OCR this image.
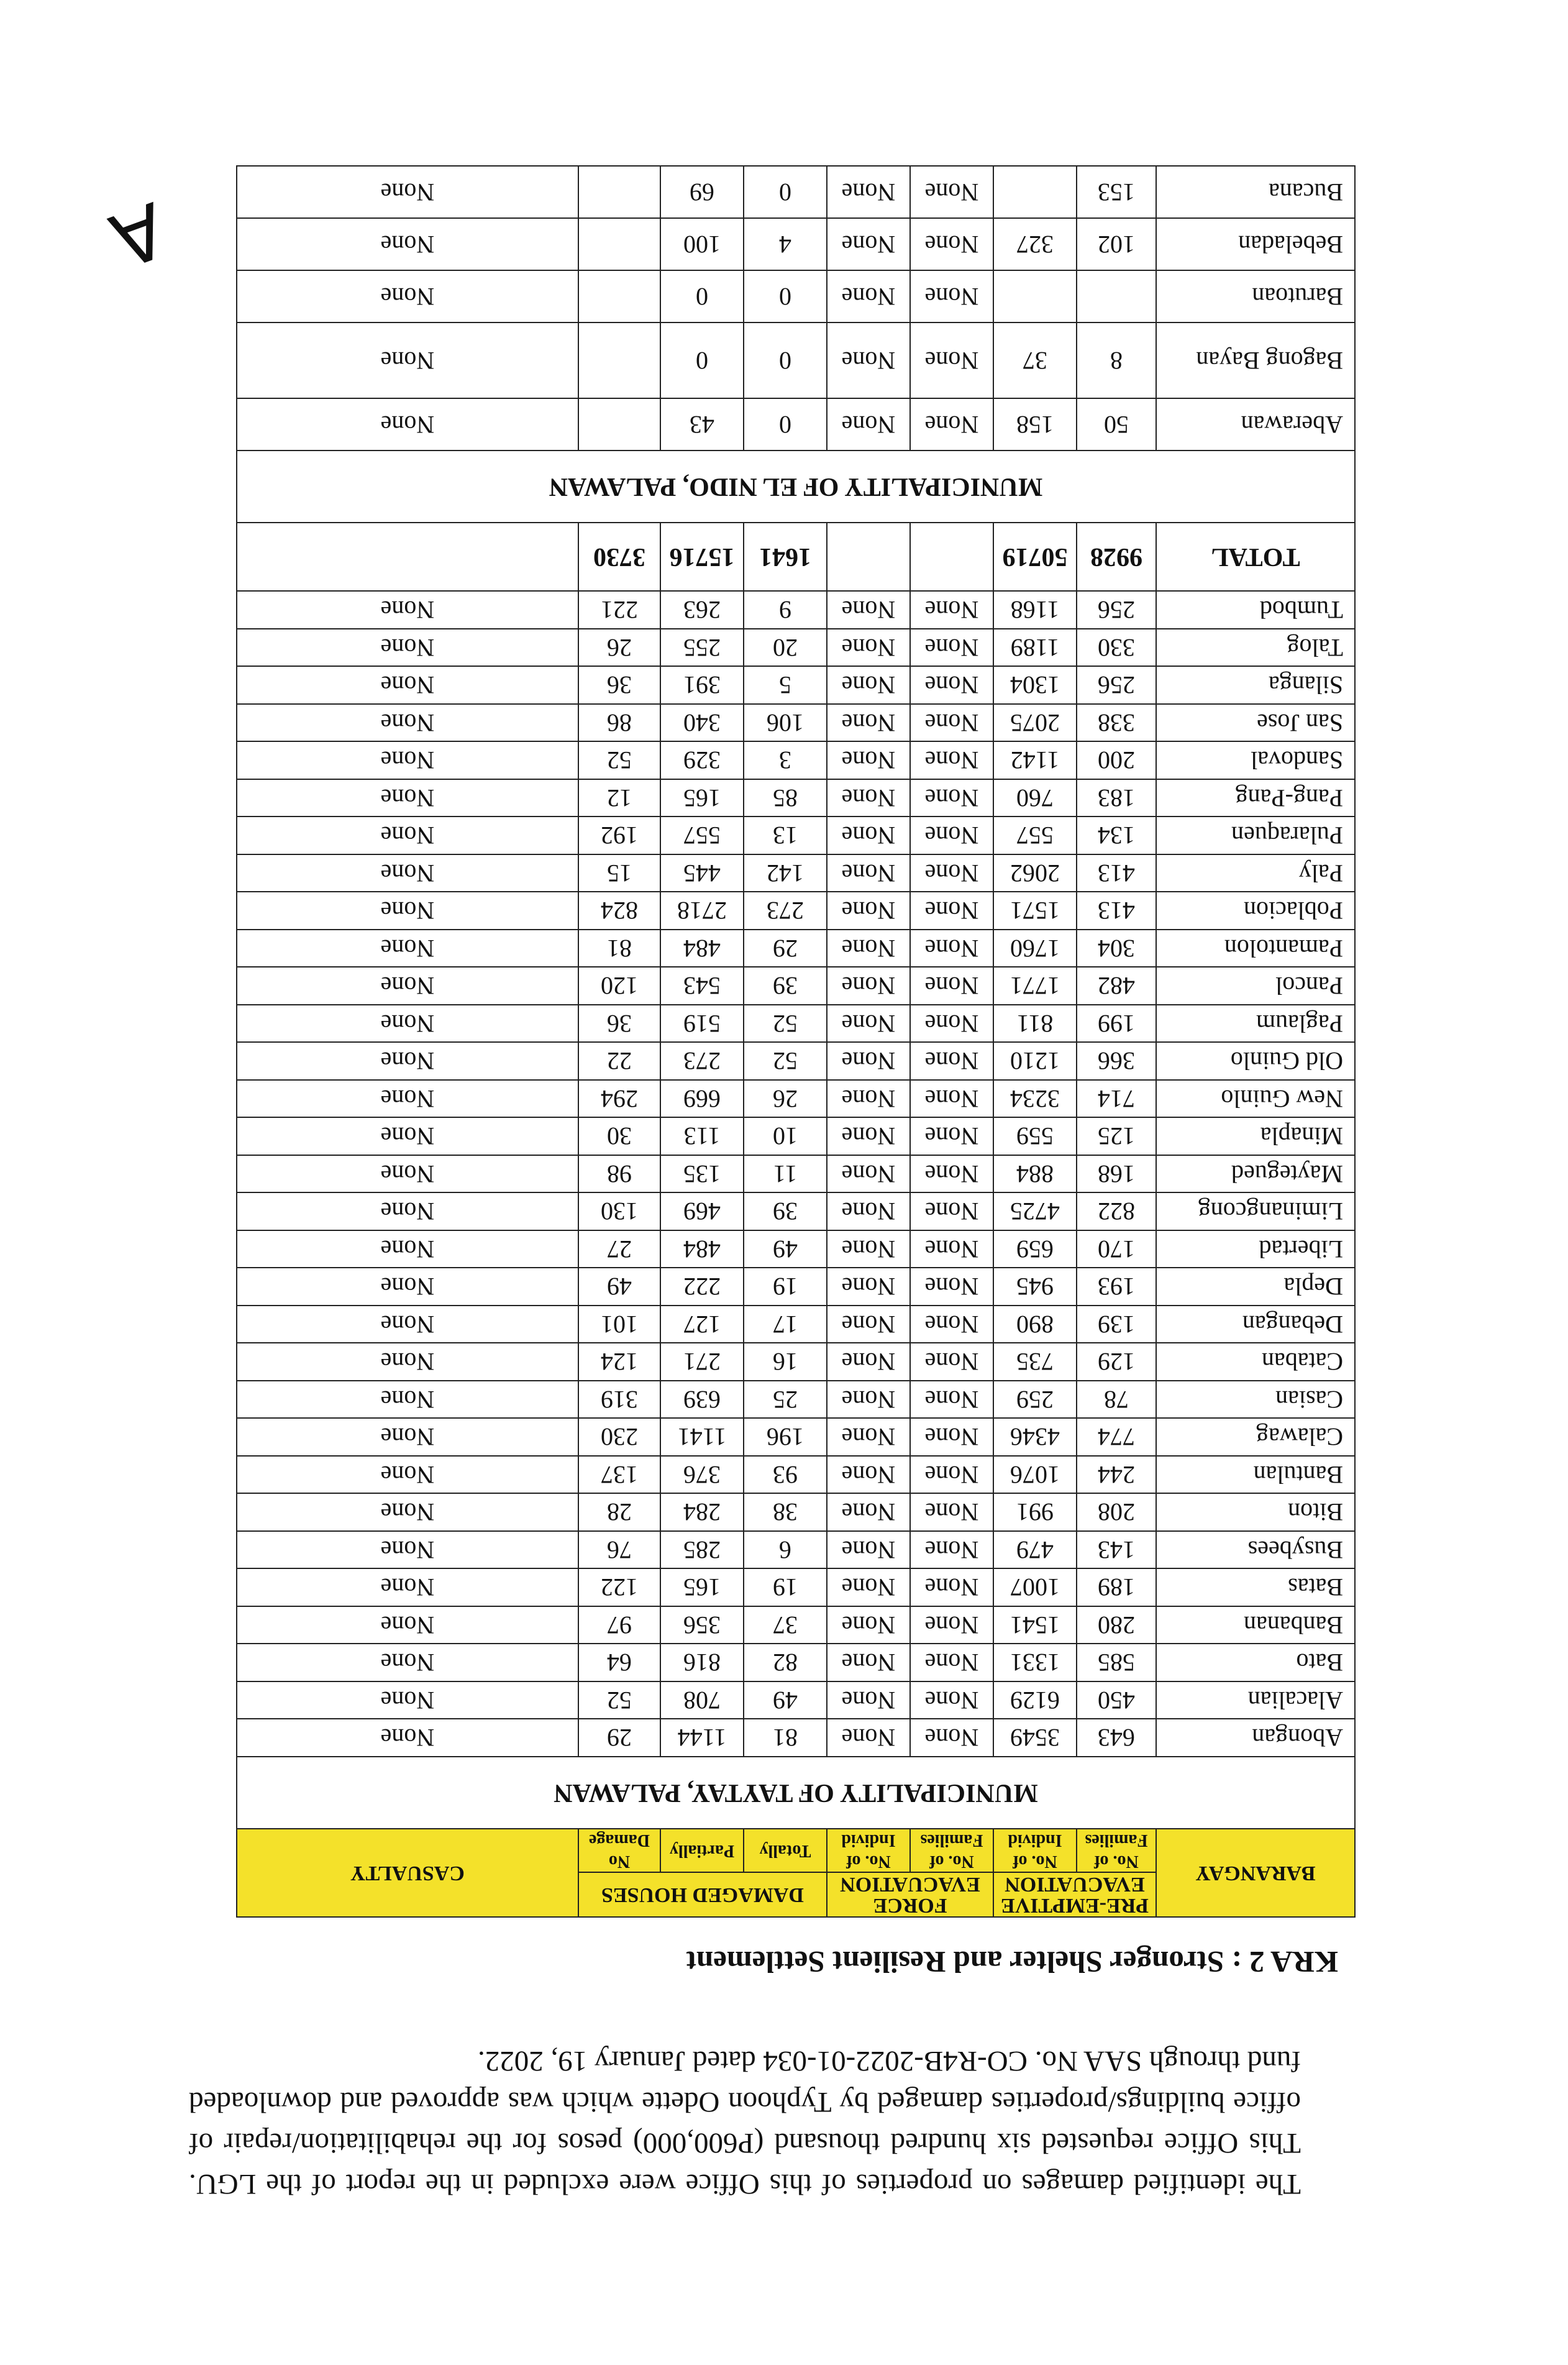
The identified damages on properties of this Office were excluded in the report of the LGU. This Office requested six hundred thousand (P600,000) pesos for the rehabilitation/repair of office buildings/properties damaged by Typhoon Odette which was approved and downloaded fund through SAA No. CO-R4B-2022-01-034 dated January 19, 2022.
KRA 2 : Stronger Shelter and Resilient Settlement
BARANGAY	PRE-EMPTIVE EVACUATION		FORCE EVACUATION		DAMAGED HOUSES			CASUALTY
	No. of Families	No. of Individ	No. of Families	No. of Individ	Totally	Partially	No Damage	
MUNICIPALITY OF TAYTAY, PALAWAN								
Abongan	643	3549	None	None	81	1144	29	None
Alacalian	450	6129	None	None	49	708	52	None
Bato	585	1331	None	None	82	816	64	None
Banbanan	280	1541	None	None	37	356	97	None
Batas	189	1007	None	None	19	165	122	None
Busybees	143	479	None	None	6	285	76	None
Biton	208	991	None	None	38	284	28	None
Bantulan	244	1076	None	None	93	376	137	None
Calawag	774	4346	None	None	196	1141	230	None
Casian	78	259	None	None	25	639	319	None
Cataban	129	735	None	None	16	271	124	None
Debangan	139	890	None	None	17	127	101	None
Depla	193	945	None	None	19	222	49	None
Libertad	170	659	None	None	49	484	27	None
Liminangcong	822	4725	None	None	39	469	130	None
Maytegued	168	884	None	None	11	135	98	None
Minapla	125	559	None	None	10	113	30	None
New Guinlo	714	3234	None	None	26	669	294	None
Old Guinlo	366	1210	None	None	52	273	22	None
Paglaum	199	811	None	None	52	519	36	None
Pancol	482	1771	None	None	39	543	120	None
Pamantolon	304	1760	None	None	29	484	81	None
Poblacion	413	1571	None	None	273	2718	824	None
Paly	413	2062	None	None	142	445	15	None
Pularaquen	134	557	None	None	13	557	192	None
Pang-Pang	183	760	None	None	85	165	12	None
Sandoval	200	1142	None	None	3	329	52	None
San Jose	338	2075	None	None	106	340	86	None
Silanga	256	1304	None	None	5	391	36	None
Talog	330	1189	None	None	20	255	26	None
Tumbod	256	1168	None	None	9	263	221	None
TOTAL	9928	50719			1641	15716	3730	
MUNICIPALITY OF EL NIDO, PALAWAN								
Aberawan	50	158	None	None	0	43		None
Bagong Bayan	8	37	None	None	0	0		None
Barutoan			None	None	0	0		None
Bebeladan	102	327	None	None	4	100		None
Bucana	153		None	None	0	69		None
A
